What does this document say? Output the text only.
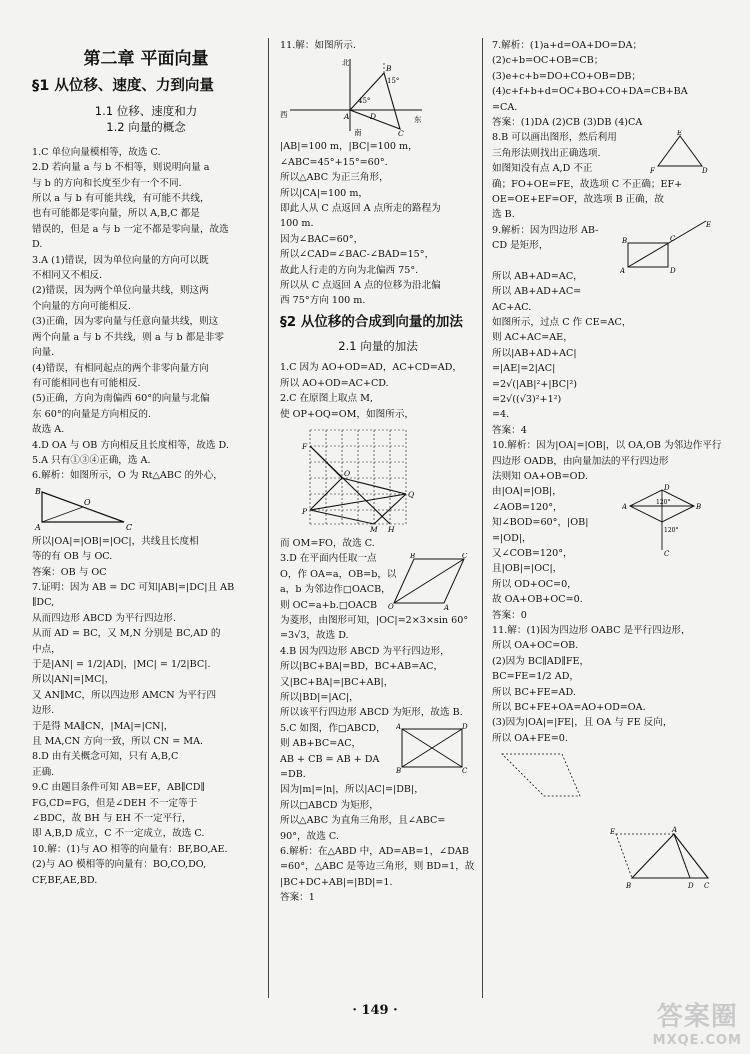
第二章 平面向量
§1 从位移、速度、力到向量
1.1 位移、速度和力
1.2 向量的概念
1.C 单位向量模相等，故选 C.
2.D 若向量 a 与 b 不相等，则说明向量 a
与 b 的方向和长度至少有一个不同.
所以 a 与 b 有可能共线，有可能不共线，
也有可能都是零向量，所以 A,B,C 都是
错误的，但是 a 与 b 一定不都是零向量，故选
D.
3.A (1)错误，因为单位向量的方向可以既
不相同又不相反.
(2)错误，因为两个单位向量共线，则这两
个向量的方向可能相反.
(3)正确，因为零向量与任意向量共线，则这
两个向量 a 与 b 不共线，则 a 与 b 都是非零
向量.
(4)错误，有相同起点的两个非零向量方向
有可能相同也有可能相反.
(5)正确，方向为南偏西 60°的向量与北偏
东 60°的向量是方向相反的.
故选 A.
4.D OA 与 OB 方向相反且长度相等，故选 D.
5.A 只有①③④正确，选 A.
6.解析：如图所示，O 为 Rt△ABC 的外心，
B
A	C
O
所以|OA|=|OB|=|OC|，共线且长度相
等的有 OB 与 OC.
答案：OB 与 OC
7.证明：因为 AB = DC 可知|AB|=|DC|且 AB
∥DC,
从而四边形 ABCD 为平行四边形.
从而 AD = BC，又 M,N 分别是 BC,AD 的
中点，
于是|AN| = 1/2|AD|，|MC| = 1/2|BC|.
所以|AN|=|MC|，
又 AN∥MC，所以四边形 AMCN 为平行四
边形.
于是得 MA∥CN，|MA|=|CN|，
且 MA,CN 方向一致，所以 CN = MA.
8.D 由有关概念可知，只有 A,B,C
正确.
9.C 由题目条件可知 AB=EF，AB∥CD∥
FG,CD=FG，但是∠DEH 不一定等于
∠BDC，故 BH 与 EH 不一定平行，
即 A,B,D 成立，C 不一定成立，故选 C.
10.解：(1)与 AO 相等的向量有：BF,BO,AE.
(2)与 AO 模相等的向量有：BO,CO,DO,
CF,BF,AE,BD.
11.解：如图所示.
北
西
东
南
45°
15°
A
B
C
D
|AB|=100 m，|BC|=100 m，
∠ABC=45°+15°=60°.
所以△ABC 为正三角形，
所以|CA|=100 m，
即此人从 C 点返回 A 点所走的路程为
100 m.
因为∠BAC=60°，
所以∠CAD=∠BAC-∠BAD=15°，
故此人行走的方向为北偏西 75°.
所以从 C 点返回 A 点的位移为沿北偏
西 75°方向 100 m.
§2 从位移的合成到向量的加法
2.1 向量的加法
1.C 因为 AO+OD=AD，AC+CD=AD，
所以 AO+OD=AC+CD.
2.C 在原图上取点 M,
使 OP+OQ=OM，如图所示，
F
P
Q
O
M H
而 OM=FO，故选 C.
O
B	C
A
3.D 在平面内任取一点
O，作 OA=a，OB=b，以
a，b 为邻边作□OACB，
则 OC=a+b.□OACB
为菱形，由图形可知，|OC|=2×3×sin 60°
=3√3，故选 D.
4.B 因为四边形 ABCD 为平行四边形，
所以|BC+BA|=BD，BC+AB=AC，
又|BC+BA|=|BC+AB|，
所以|BD|=|AC|，
所以该平行四边形 ABCD 为矩形，故选 B.
A	D
B	C
5.C 如图，作□ABCD，
则 AB+BC=AC，
AB + CB = AB + DA
=DB.
因为|m|=|n|，所以|AC|=|DB|，
所以□ABCD 为矩形，
所以△ABC 为直角三角形，且∠ABC=
90°，故选 C.
6.解析：在△ABD 中，AD=AB=1，∠DAB
=60°，△ABC 是等边三角形，则 BD=1，故
|BC+DC+AB|=|BD|=1.
答案：1
7.解析：(1)a+d=OA+DO=DA；
(2)c+b=OC+OB=CB；
(3)e+c+b=DO+CO+OB=DB；
(4)c+f+b+d=OC+BO+CO+DA=CB+BA
=CA.
答案：(1)DA (2)CB (3)DB (4)CA
E
F	D
8.B 可以画出图形，然后利用
三角形法则找出正确选项.
如图知没有点 A,D 不正
确；FO+OE=FE，故选项 C 不正确；EF+
OE=OE+EF=OF，故选项 B 正确，故
选 B.
A
B	C
D
E
9.解析：因为四边形 AB-
CD 是矩形，
所以 AB+AD=AC，
所以 AB+AD+AC=
AC+AC.
如图所示，过点 C 作 CE=AC，
则 AC+AC=AE，
所以|AB+AD+AC|
=|AE|=2|AC|
=2√(|AB|²+|BC|²)
=2√((√3)²+1²)
=4.
答案：4
10.解析：因为|OA|=|OB|，以 OA,OB 为邻边作平行
四边形 OADB，由向量加法的平行四边形
法则知 OA+OB=OD.
120°
120°
A	B
D
C
由|OA|=|OB|，
∠AOB=120°，
知∠BOD=60°，|OB|
=|OD|，
又∠COB=120°，
且|OB|=|OC|，
所以 OD+OC=0，
故 OA+OB+OC=0.
答案：0
11.解：(1)因为四边形 OABC 是平行四边形，
所以 OA+OC=OB.
(2)因为 BC∥AD∥FE，
BC=FE=1/2 AD，
所以 BC+FE=AD.
所以 BC+FE+OA=AO+OD=OA.
(3)因为|OA|=|FE|，且 OA 与 FE 反向，
所以 OA+FE=0.
E	A
B	D C
· 149 ·	答案圈
MXQE.COM
